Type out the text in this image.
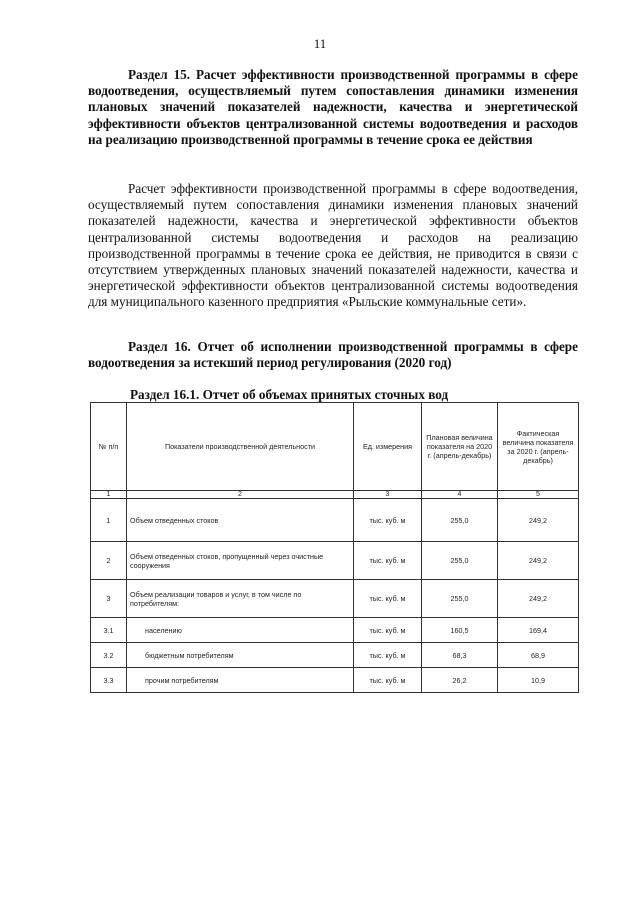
11
Раздел 15. Расчет эффективности производственной программы в сфере водоотведения, осуществляемый путем сопоставления динамики изменения плановых значений показателей надежности, качества и энергетической эффективности объектов централизованной системы водоотведения и расходов на реализацию производственной программы в течение срока ее действия
Расчет эффективности производственной программы в сфере водоотведения, осуществляемый путем сопоставления динамики изменения плановых значений показателей надежности, качества и энергетической эффективности объектов централизованной системы водоотведения и расходов на реализацию производственной программы в течение срока ее действия, не приводится в связи с отсутствием утвержденных плановых значений показателей надежности, качества и энергетической эффективности объектов централизованной системы водоотведения для муниципального казенного предприятия «Рыльские коммунальные сети».
Раздел 16. Отчет об исполнении производственной программы в сфере водоотведения за истекший период регулирования (2020 год)
Раздел 16.1. Отчет об объемах принятых сточных вод
№ п/п	Показатели производственной деятельности	Ед. измерения	Плановая величина показателя на 2020 г. (апрель-декабрь)	Фактическая величина показателя за 2020 г. (апрель-декабрь)
1	2	3	4	5
1	Объем отведенных стоков	тыс. куб. м	255,0	249,2
2	Объем отведенных стоков, пропущенный через очистные сооружения	тыс. куб. м	255,0	249,2
3	Объем реализации товаров и услуг, в том числе по потребителям:	тыс. куб. м	255,0	249,2
3.1	населению	тыс. куб. м	160,5	169,4
3.2	бюджетным потребителям	тыс. куб. м	68,3	68,9
3.3	прочим потребителям	тыс. куб. м	26,2	10,9
